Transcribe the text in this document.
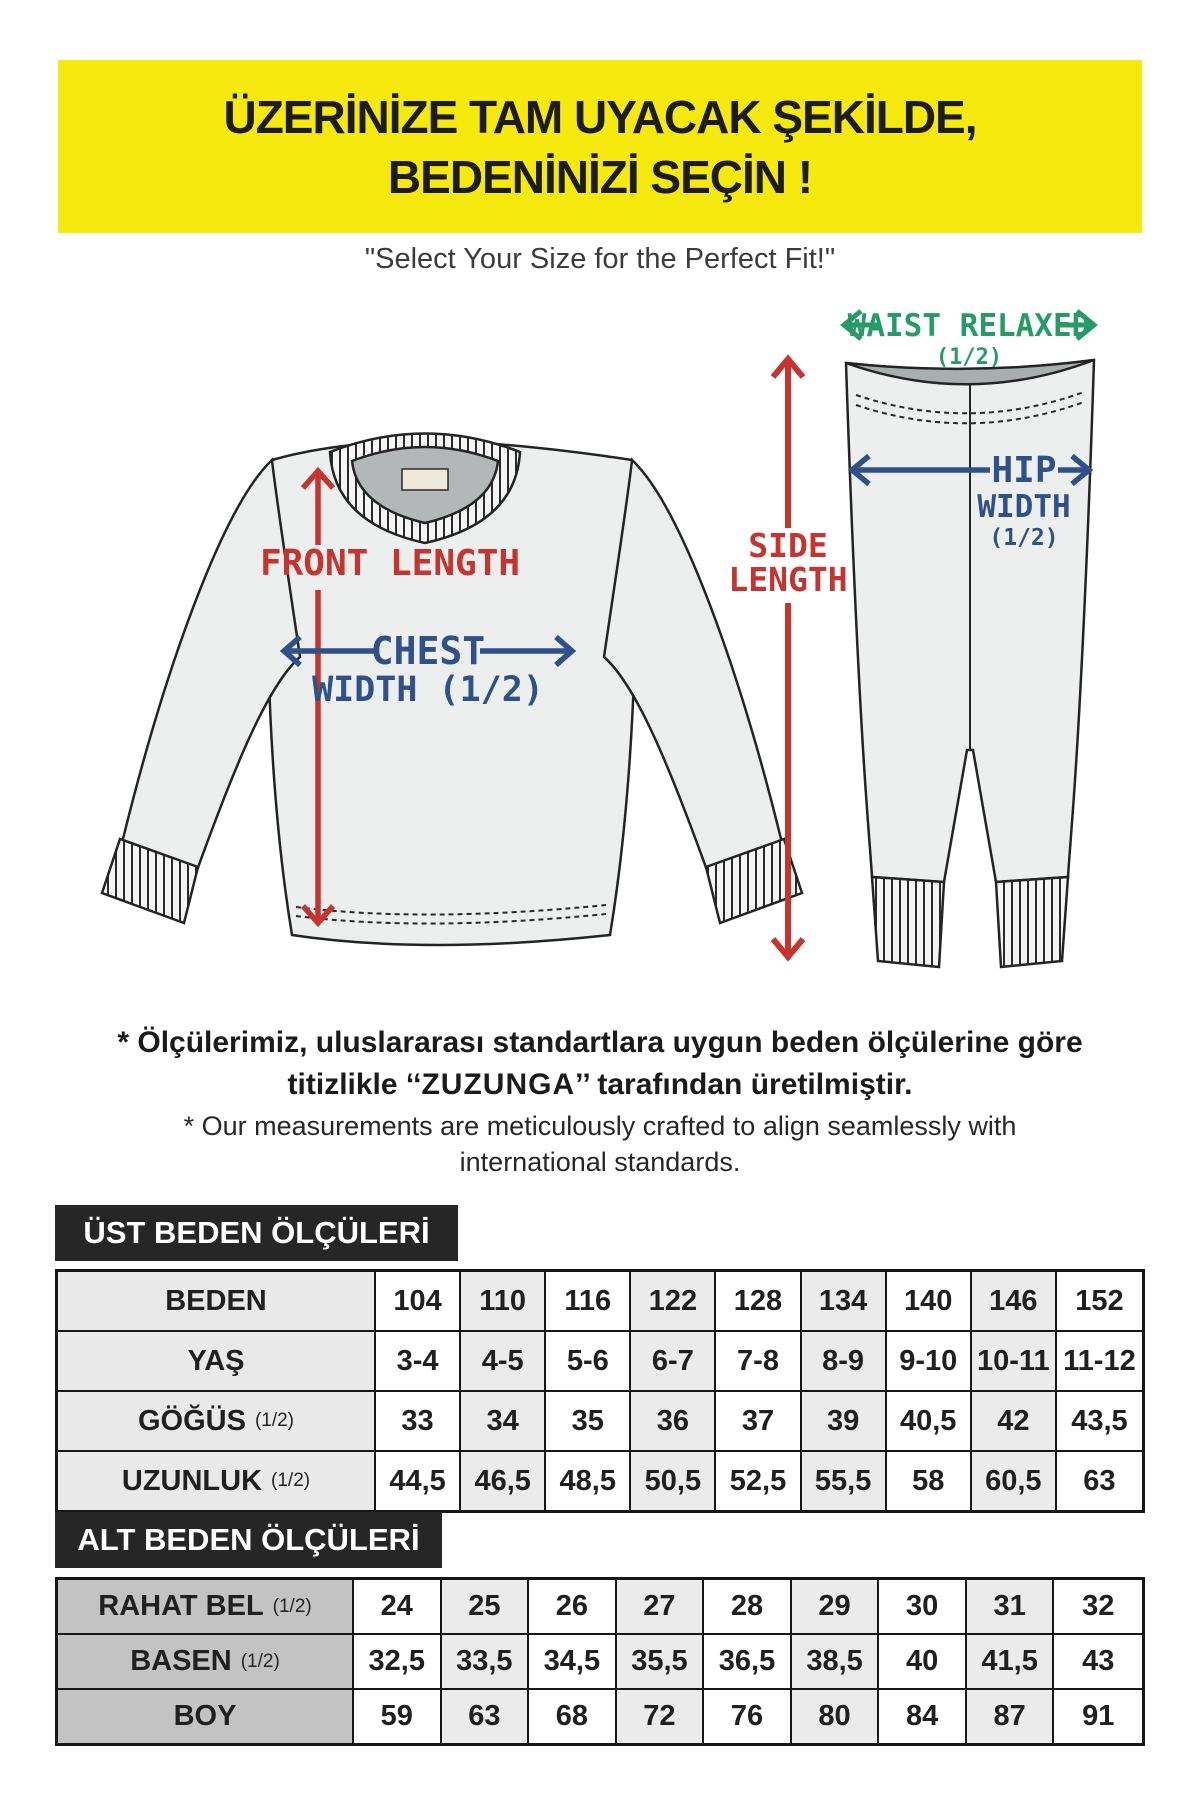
ÜZERİNİZE TAM UYACAK ŞEKİLDE,
BEDENİNİZİ SEÇİN !
"Select Your Size for the Perfect Fit!"
FRONT LENGTH
CHEST
WIDTH (1/2)
SIDE
LENGTH
WAIST RELAXED
(1/2)
HIP
WIDTH
(1/2)
* Ölçülerimiz, uluslararası standartlara uygun beden ölçülerine göre
titizlikle ‘‘ZUZUNGA’’ tarafından üretilmiştir.
* Our measurements are meticulously crafted to align seamlessly with
international standards.
ÜST BEDEN ÖLÇÜLERİ
BEDEN	104	110	116	122	128	134	140	146	152
YAŞ	3-4	4-5	5-6	6-7	7-8	8-9	9-10 10-11 11-12
GÖĞÜS (1/2)	33	34	35	36	37	39	40,5	42	43,5
UZUNLUK (1/2)	44,5 46,5 48,5 50,5 52,5 55,5	58	60,5	63
ALT BEDEN ÖLÇÜLERİ
RAHAT BEL (1/2)	24	25	26	27	28	29	30	31	32
BASEN (1/2)	32,5	33,5	34,5	35,5	36,5	38,5	40	41,5	43
BOY	59	63	68	72	76	80	84	87	91
